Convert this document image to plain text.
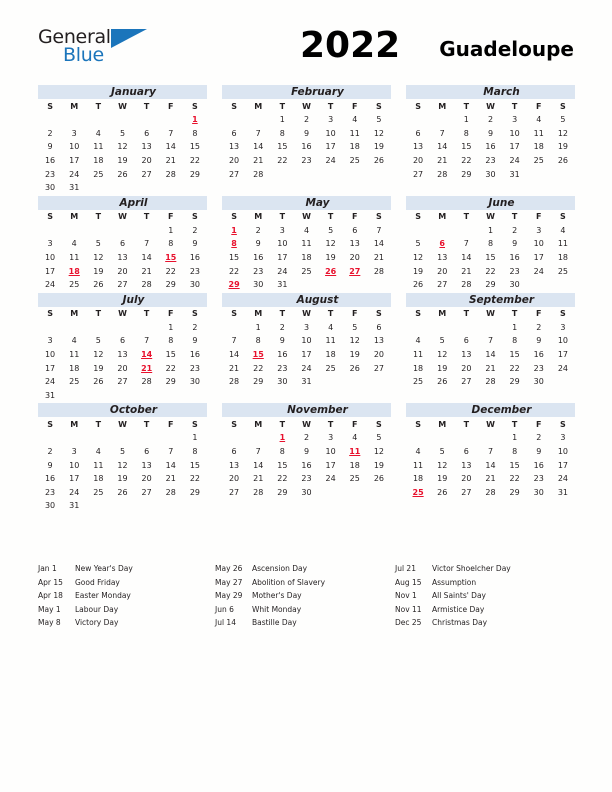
General
Blue	2022 Guadeloupe
January
S	M	T	W	T	F	S
						1
2	3	4	5	6	7	8
9	10	11	12	13	14	15
16	17	18	19	20	21	22
23	24	25	26	27	28	29
30	31					
February
S	M	T	W	T	F	S
		1	2	3	4	5
6	7	8	9	10	11	12
13	14	15	16	17	18	19
20	21	22	23	24	25	26
27	28					
March
S	M	T	W	T	F	S
		1	2	3	4	5
6	7	8	9	10	11	12
13	14	15	16	17	18	19
20	21	22	23	24	25	26
27	28	29	30	31		
April
S	M	T	W	T	F	S
					1	2
3	4	5	6	7	8	9
10	11	12	13	14	15	16
17	18	19	20	21	22	23
24	25	26	27	28	29	30
May
S	M	T	W	T	F	S
1	2	3	4	5	6	7
8	9	10	11	12	13	14
15	16	17	18	19	20	21
22	23	24	25	26	27	28
29	30	31				
June
S	M	T	W	T	F	S
			1	2	3	4
5	6	7	8	9	10	11
12	13	14	15	16	17	18
19	20	21	22	23	24	25
26	27	28	29	30		
July
S	M	T	W	T	F	S
					1	2
3	4	5	6	7	8	9
10	11	12	13	14	15	16
17	18	19	20	21	22	23
24	25	26	27	28	29	30
31						
August
S	M	T	W	T	F	S
	1	2	3	4	5	6
7	8	9	10	11	12	13
14	15	16	17	18	19	20
21	22	23	24	25	26	27
28	29	30	31			
September
S	M	T	W	T	F	S
				1	2	3
4	5	6	7	8	9	10
11	12	13	14	15	16	17
18	19	20	21	22	23	24
25	26	27	28	29	30	
October
S	M	T	W	T	F	S
						1
2	3	4	5	6	7	8
9	10	11	12	13	14	15
16	17	18	19	20	21	22
23	24	25	26	27	28	29
30	31					
November
S	M	T	W	T	F	S
		1	2	3	4	5
6	7	8	9	10	11	12
13	14	15	16	17	18	19
20	21	22	23	24	25	26
27	28	29	30			
December
S	M	T	W	T	F	S
				1	2	3
4	5	6	7	8	9	10
11	12	13	14	15	16	17
18	19	20	21	22	23	24
25	26	27	28	29	30	31
Jan 1	New Year's Day
Apr 15	Good Friday
Apr 18	Easter Monday
May 1	Labour Day
May 8	Victory Day
May 26	Ascension Day
May 27	Abolition of Slavery
May 29	Mother's Day
Jun 6	Whit Monday
Jul 14	Bastille Day
Jul 21	Victor Shoelcher Day
Aug 15	Assumption
Nov 1	All Saints' Day
Nov 11	Armistice Day
Dec 25	Christmas Day
